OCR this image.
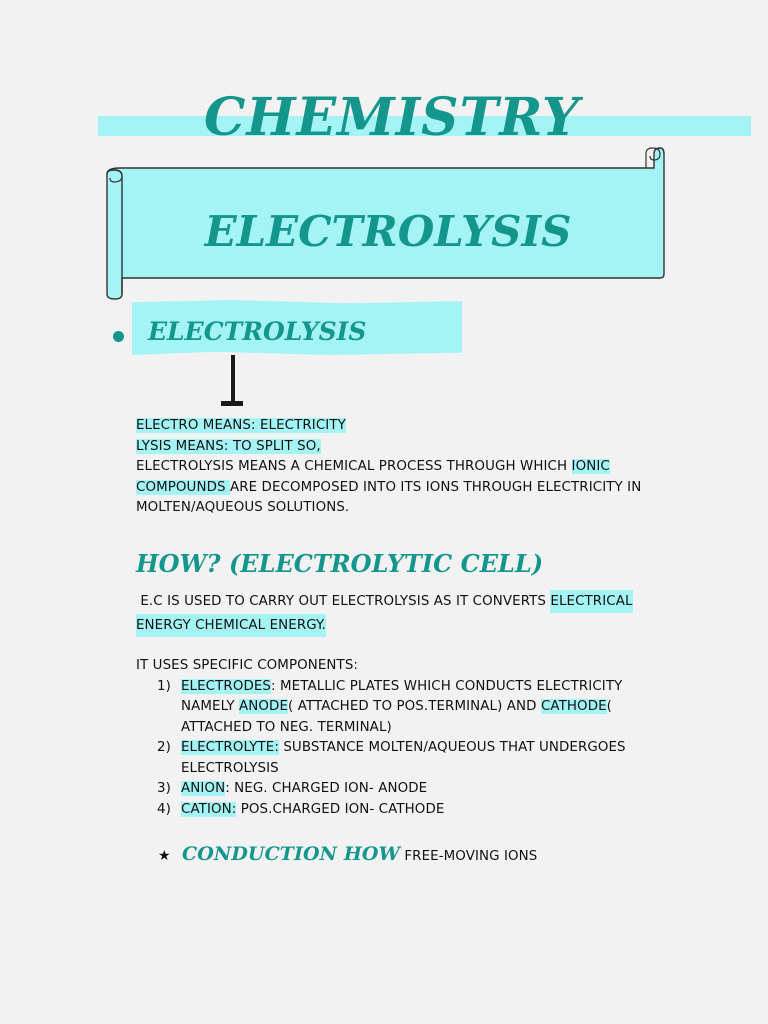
CHEMISTRY
ELECTROLYSIS
ELECTROLYSIS
ELECTRO MEANS: ELECTRICITY
LYSIS MEANS: TO SPLIT SO,
ELECTROLYSIS MEANS A CHEMICAL PROCESS THROUGH WHICH IONIC
COMPOUNDS ARE DECOMPOSED INTO ITS IONS THROUGH ELECTRICITY IN
MOLTEN/AQUEOUS SOLUTIONS.
HOW? (ELECTROLYTIC CELL)
E.C IS USED TO CARRY OUT ELECTROLYSIS AS IT CONVERTS ELECTRICAL
ENERGY CHEMICAL ENERGY.
IT USES SPECIFIC COMPONENTS:
1) ELECTRODES: METALLIC PLATES WHICH CONDUCTS ELECTRICITY
NAMELY ANODE( ATTACHED TO POS.TERMINAL) AND CATHODE(
ATTACHED TO NEG. TERMINAL)
2) ELECTROLYTE: SUBSTANCE MOLTEN/AQUEOUS THAT UNDERGOES
ELECTROLYSIS
3) ANION: NEG. CHARGED ION- ANODE
4) CATION: POS.CHARGED ION- CATHODE
★ CONDUCTION HOW FREE-MOVING IONS
